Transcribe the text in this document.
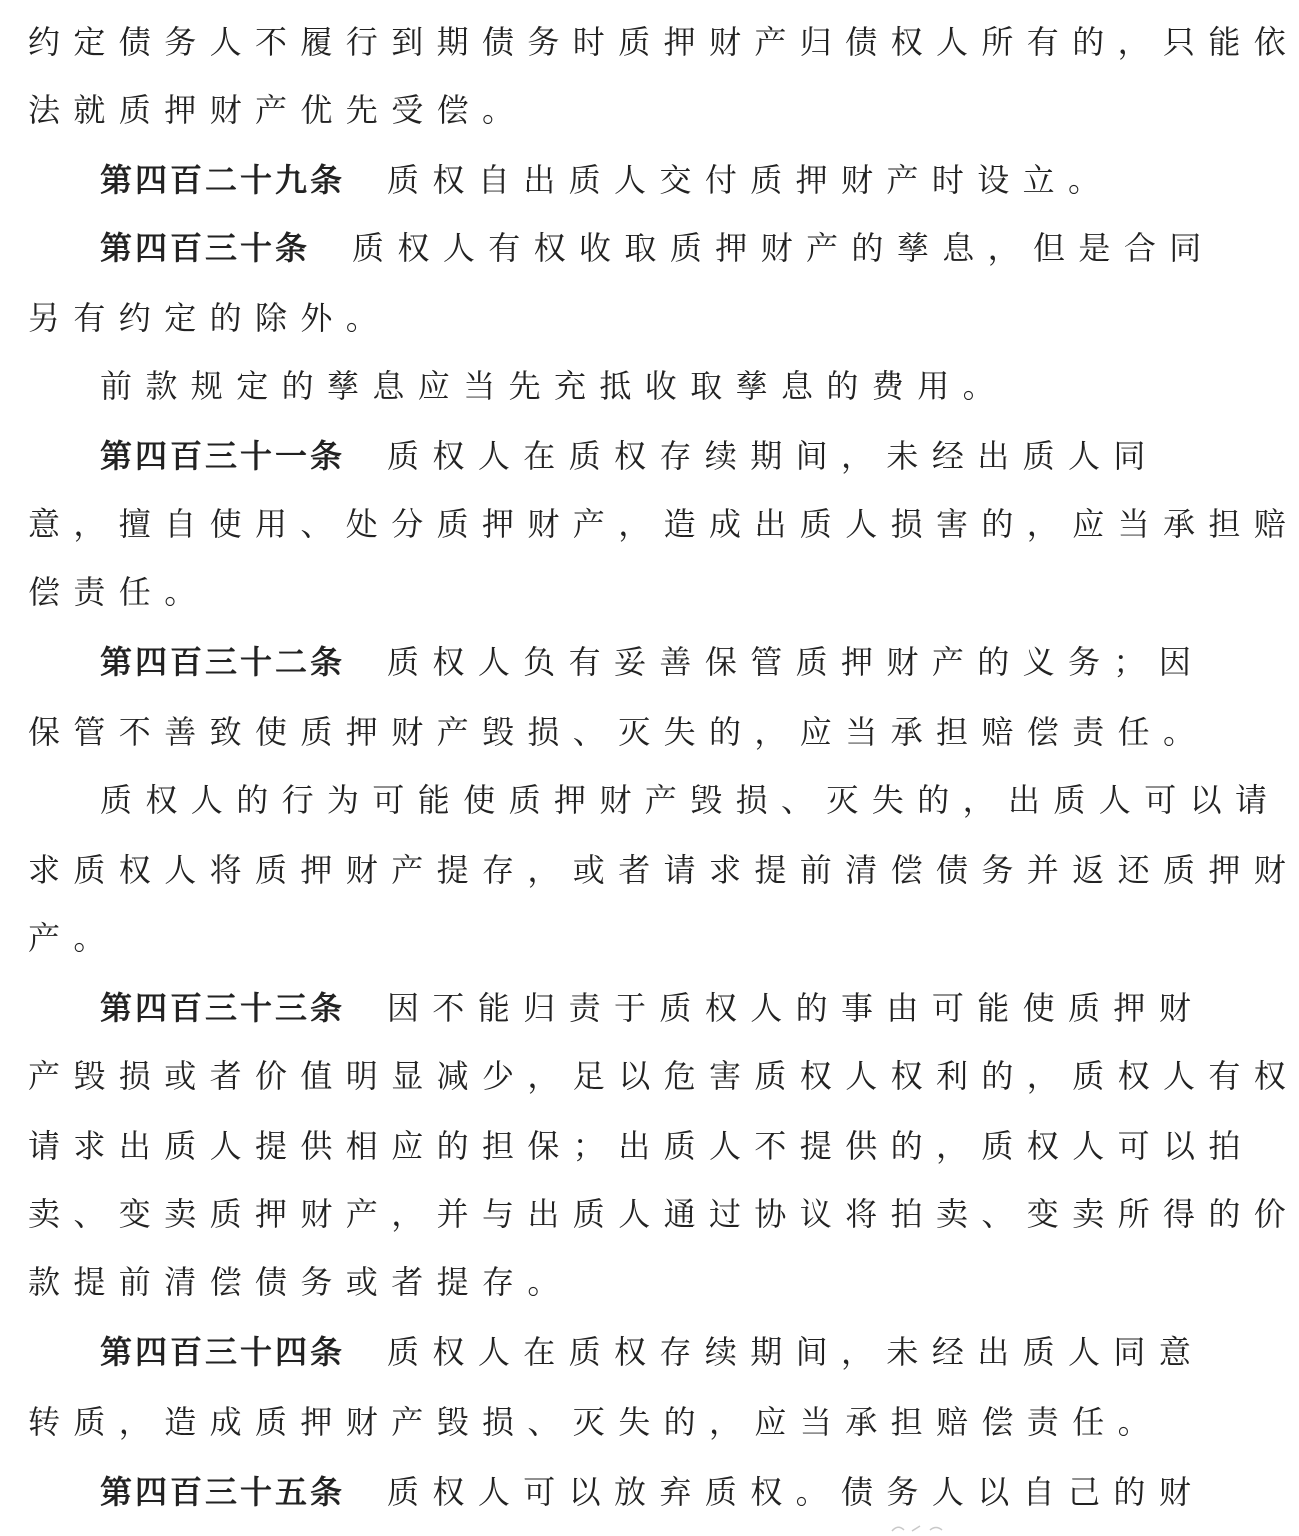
约定债务人不履行到期债务时质押财产归债权人所有的，只能依
法就质押财产优先受偿。
第四百二十九条 质权自出质人交付质押财产时设立。
第四百三十条 质权人有权收取质押财产的孳息，但是合同
另有约定的除外。
前款规定的孳息应当先充抵收取孳息的费用。
第四百三十一条 质权人在质权存续期间，未经出质人同
意，擅自使用、处分质押财产，造成出质人损害的，应当承担赔
偿责任。
第四百三十二条 质权人负有妥善保管质押财产的义务；因
保管不善致使质押财产毁损、灭失的，应当承担赔偿责任。
质权人的行为可能使质押财产毁损、灭失的，出质人可以请
求质权人将质押财产提存，或者请求提前清偿债务并返还质押财
产。
第四百三十三条 因不能归责于质权人的事由可能使质押财
产毁损或者价值明显减少，足以危害质权人权利的，质权人有权
请求出质人提供相应的担保；出质人不提供的，质权人可以拍
卖、变卖质押财产，并与出质人通过协议将拍卖、变卖所得的价
款提前清偿债务或者提存。
第四百三十四条 质权人在质权存续期间，未经出质人同意
转质，造成质押财产毁损、灭失的，应当承担赔偿责任。
第四百三十五条 质权人可以放弃质权。债务人以自己的财
